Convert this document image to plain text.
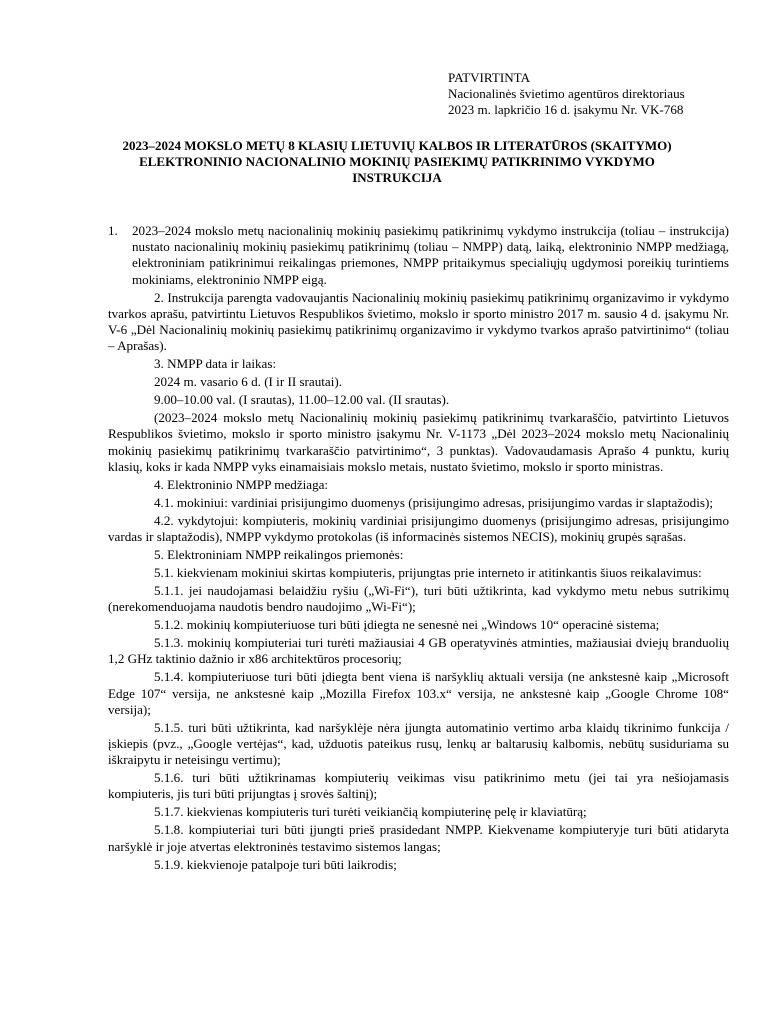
PATVIRTINTA
Nacionalinės švietimo agentūros direktoriaus
2023 m. lapkričio 16 d. įsakymu Nr. VK-768
2023–2024 MOKSLO METŲ 8 KLASIŲ LIETUVIŲ KALBOS IR LITERATŪROS (SKAITYMO) ELEKTRONINIO NACIONALINIO MOKINIŲ PASIEKIMŲ PATIKRINIMO VYKDYMO INSTRUKCIJA
1. 2023–2024 mokslo metų nacionalinių mokinių pasiekimų patikrinimų vykdymo instrukcija (toliau – instrukcija) nustato nacionalinių mokinių pasiekimų patikrinimų (toliau – NMPP) datą, laiką, elektroninio NMPP medžiagą, elektroniniam patikrinimui reikalingas priemones, NMPP pritaikymus specialiųjų ugdymosi poreikių turintiems mokiniams, elektroninio NMPP eigą.
2. Instrukcija parengta vadovaujantis Nacionalinių mokinių pasiekimų patikrinimų organizavimo ir vykdymo tvarkos aprašu, patvirtintu Lietuvos Respublikos švietimo, mokslo ir sporto ministro 2017 m. sausio 4 d. įsakymu Nr. V-6 „Dėl Nacionalinių mokinių pasiekimų patikrinimų organizavimo ir vykdymo tvarkos aprašo patvirtinimo“ (toliau – Aprašas).
3. NMPP data ir laikas:
2024 m. vasario 6 d. (I ir II srautai).
9.00–10.00 val. (I srautas), 11.00–12.00 val. (II srautas).
(2023–2024 mokslo metų Nacionalinių mokinių pasiekimų patikrinimų tvarkaraščio, patvirtinto Lietuvos Respublikos švietimo, mokslo ir sporto ministro įsakymu Nr. V-1173 „Dėl 2023–2024 mokslo metų Nacionalinių mokinių pasiekimų patikrinimų tvarkaraščio patvirtinimo“, 3 punktas). Vadovaudamasis Aprašo 4 punktu, kurių klasių, koks ir kada NMPP vyks einamaisiais mokslo metais, nustato švietimo, mokslo ir sporto ministras.
4. Elektroninio NMPP medžiaga:
4.1. mokiniui: vardiniai prisijungimo duomenys (prisijungimo adresas, prisijungimo vardas ir slaptažodis);
4.2. vykdytojui: kompiuteris, mokinių vardiniai prisijungimo duomenys (prisijungimo adresas, prisijungimo vardas ir slaptažodis), NMPP vykdymo protokolas (iš informacinės sistemos NECIS), mokinių grupės sąrašas.
5. Elektroniniam NMPP reikalingos priemonės:
5.1. kiekvienam mokiniui skirtas kompiuteris, prijungtas prie interneto ir atitinkantis šiuos reikalavimus:
5.1.1. jei naudojamasi belaidžiu ryšiu („Wi-Fi“), turi būti užtikrinta, kad vykdymo metu nebus sutrikimų (nerekomenduojama naudotis bendro naudojimo „Wi-Fi“);
5.1.2. mokinių kompiuteriuose turi būti įdiegta ne senesnė nei „Windows 10“ operacinė sistema;
5.1.3. mokinių kompiuteriai turi turėti mažiausiai 4 GB operatyvinės atminties, mažiausiai dviejų branduolių 1,2 GHz taktinio dažnio ir x86 architektūros procesorių;
5.1.4. kompiuteriuose turi būti įdiegta bent viena iš naršyklių aktuali versija (ne ankstesnė kaip „Microsoft Edge 107“ versija, ne ankstesnė kaip „Mozilla Firefox 103.x“ versija, ne ankstesnė kaip „Google Chrome 108“ versija);
5.1.5. turi būti užtikrinta, kad naršyklėje nėra įjungta automatinio vertimo arba klaidų tikrinimo funkcija / įskiepis (pvz., „Google vertėjas“, kad, užduotis pateikus rusų, lenkų ar baltarusių kalbomis, nebūtų susiduriama su iškraipytu ir neteisingu vertimu);
5.1.6. turi būti užtikrinamas kompiuterių veikimas visu patikrinimo metu (jei tai yra nešiojamasis kompiuteris, jis turi būti prijungtas į srovės šaltinį);
5.1.7. kiekvienas kompiuteris turi turėti veikiančią kompiuterinę pelę ir klaviatūrą;
5.1.8. kompiuteriai turi būti įjungti prieš prasidedant NMPP. Kiekvename kompiuteryje turi būti atidaryta naršyklė ir joje atvertas elektroninės testavimo sistemos langas;
5.1.9. kiekvienoje patalpoje turi būti laikrodis;
